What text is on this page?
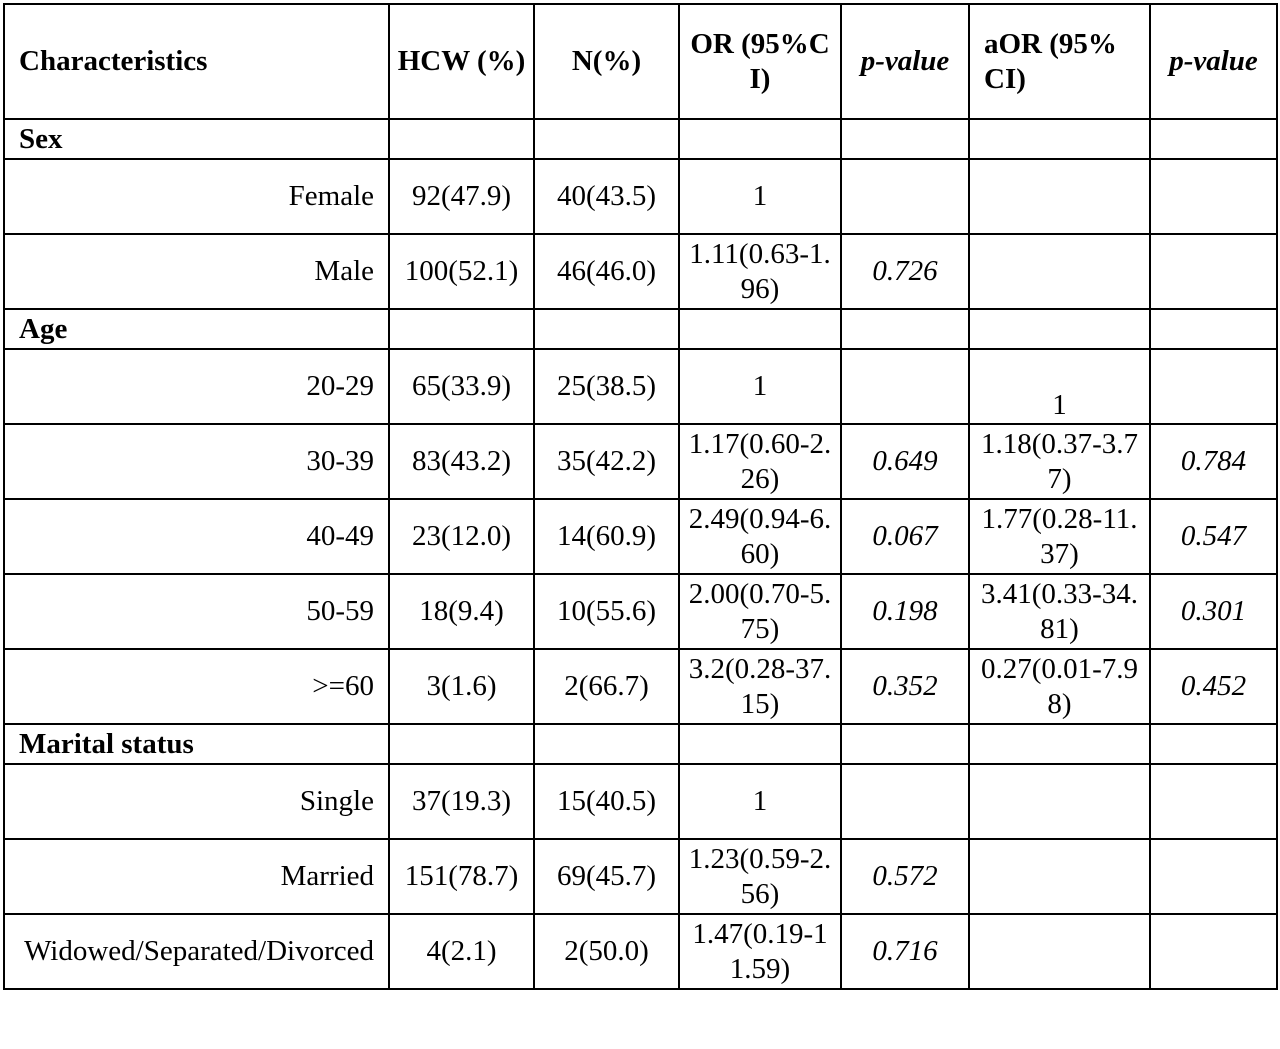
Characteristics	HCW (%)	N(%)	OR (95%CI)	p-value	aOR (95% CI)	p-value
Sex						
Female	92(47.9)	40(43.5)	1			
Male	100(52.1)	46(46.0)	1.11(0.63-1.96)	0.726		
Age						
20-29	65(33.9)	25(38.5)	1		1	
30-39	83(43.2)	35(42.2)	1.17(0.60-2.26)	0.649	1.18(0.37-3.77)	0.784
40-49	23(12.0)	14(60.9)	2.49(0.94-6.60)	0.067	1.77(0.28-11.37)	0.547
50-59	18(9.4)	10(55.6)	2.00(0.70-5.75)	0.198	3.41(0.33-34.81)	0.301
>=60	3(1.6)	2(66.7)	3.2(0.28-37.15)	0.352	0.27(0.01-7.98)	0.452
Marital status						
Single	37(19.3)	15(40.5)	1			
Married	151(78.7)	69(45.7)	1.23(0.59-2.56)	0.572		
Widowed/Separated/Divorced	4(2.1)	2(50.0)	1.47(0.19-11.59)	0.716		
